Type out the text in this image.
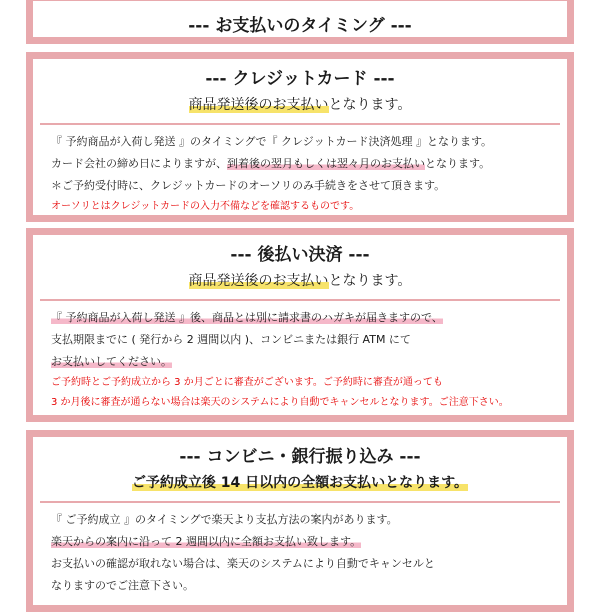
--- お支払いのタイミング ---
--- クレジットカード ---
商品発送後のお支払いとなります。
『 予約商品が入荷し発送 』のタイミングで『 クレジットカード決済処理 』となります。
カード会社の締め日によりますが、到着後の翌月もしくは翌々月のお支払いとなります。
＊ご予約受付時に、クレジットカードのオーソリのみ手続きをさせて頂きます。
オーソリとはクレジットカードの入力不備などを確認するものです。
--- 後払い決済 ---
商品発送後のお支払いとなります。
『 予約商品が入荷し発送 』後、商品とは別に請求書のハガキが届きますので、
支払期限までに ( 発行から 2 週間以内 )、コンビニまたは銀行 ATM にて
お支払いしてください。
ご予約時とご予約成立から 3 か月ごとに審査がございます。ご予約時に審査が通っても
3 か月後に審査が通らない場合は楽天のシステムにより自動でキャンセルとなります。ご注意下さい。
--- コンビニ・銀行振り込み ---
ご予約成立後 14 日以内の全額お支払いとなります。
『 ご予約成立 』のタイミングで楽天より支払方法の案内があります。
楽天からの案内に沿って 2 週間以内に全額お支払い致します。
お支払いの確認が取れない場合は、楽天のシステムにより自動でキャンセルと
なりますのでご注意下さい。
